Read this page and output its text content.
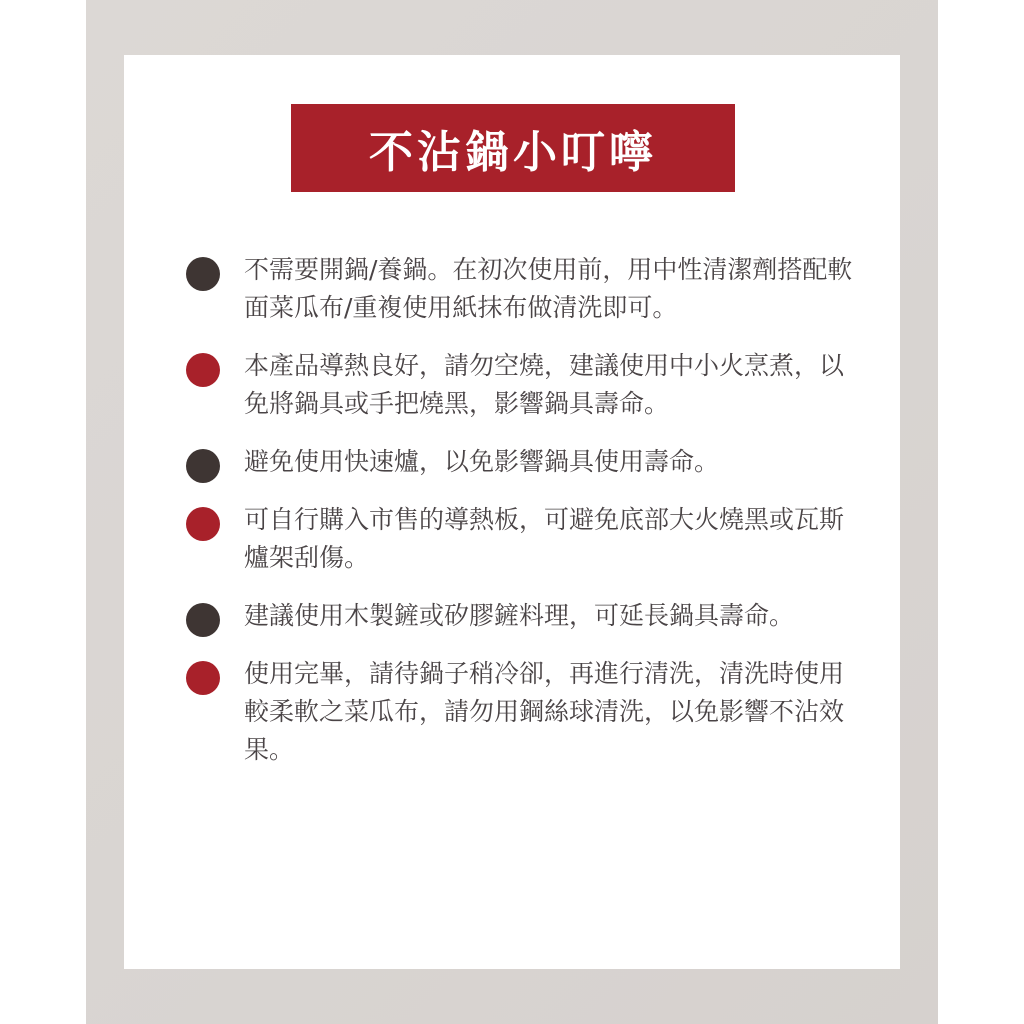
不沾鍋小叮嚀
不需要開鍋/養鍋。在初次使用前，用中性清潔劑搭配軟面菜瓜布/重複使用紙抹布做清洗即可。
本產品導熱良好，請勿空燒，建議使用中小火烹煮，以免將鍋具或手把燒黑，影響鍋具壽命。
避免使用快速爐，以免影響鍋具使用壽命。
可自行購入市售的導熱板，可避免底部大火燒黑或瓦斯爐架刮傷。
建議使用木製鏟或矽膠鏟料理，可延長鍋具壽命。
使用完畢，請待鍋子稍冷卻，再進行清洗，清洗時使用較柔軟之菜瓜布，請勿用鋼絲球清洗，以免影響不沾效果。
